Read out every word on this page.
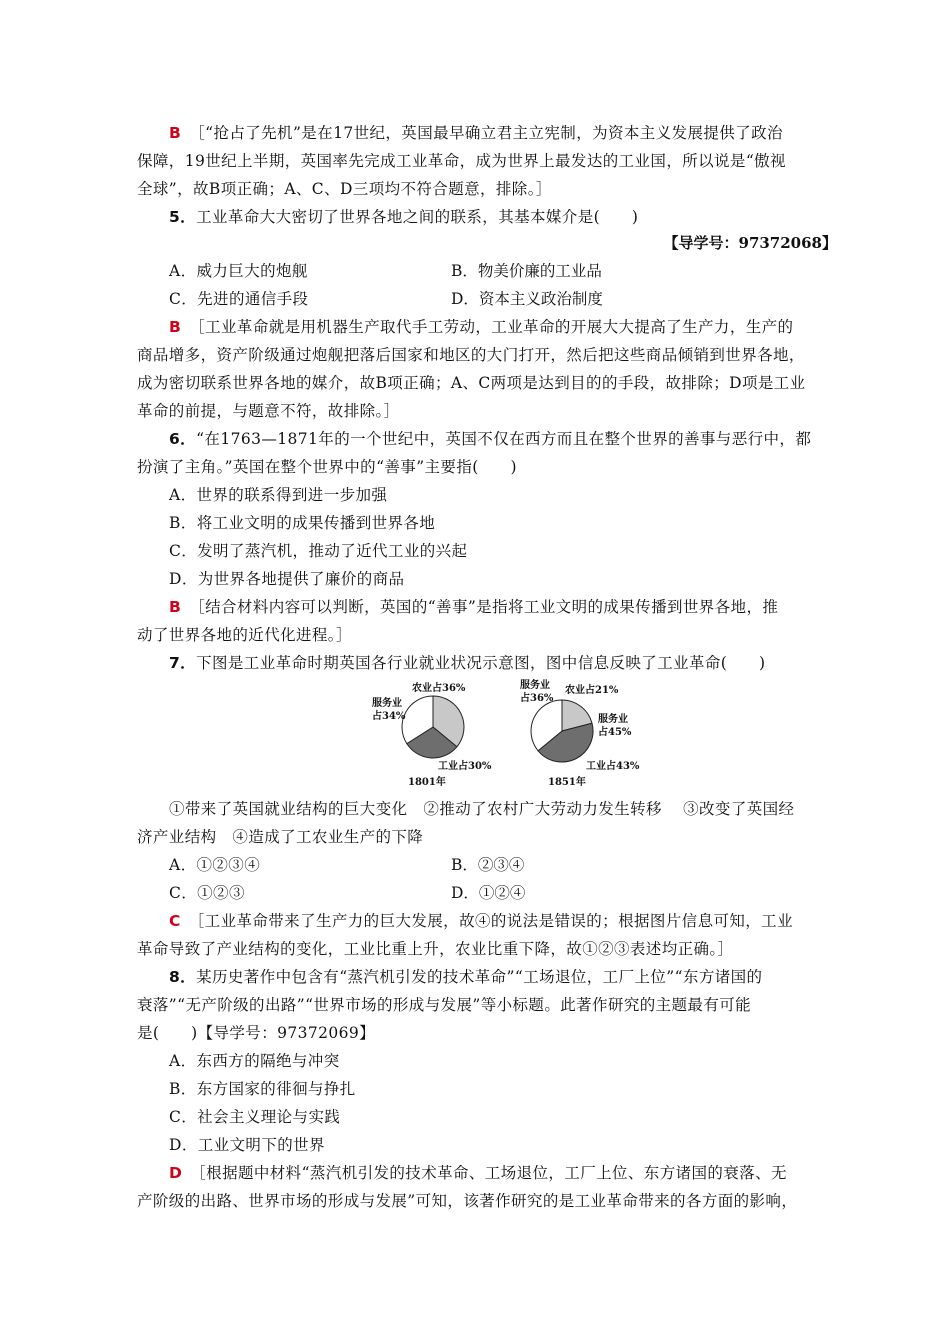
B ［“抢占了先机”是在17世纪，英国最早确立君主立宪制，为资本主义发展提供了政治
保障，19世纪上半期，英国率先完成工业革命，成为世界上最发达的工业国，所以说是“傲视
全球”，故B项正确；A、C、D三项均不符合题意，排除。］
5．工业革命大大密切了世界各地之间的联系，其基本媒介是(　　)
【导学号：97372068】
A．威力巨大的炮舰	B．物美价廉的工业品
C．先进的通信手段	D．资本主义政治制度
B ［工业革命就是用机器生产取代手工劳动，工业革命的开展大大提高了生产力，生产的
商品增多，资产阶级通过炮舰把落后国家和地区的大门打开，然后把这些商品倾销到世界各地，
成为密切联系世界各地的媒介，故B项正确；A、C两项是达到目的的手段，故排除；D项是工业
革命的前提，与题意不符，故排除。］
6．“在1763—1871年的一个世纪中，英国不仅在西方而且在整个世界的善事与恶行中，都
扮演了主角。”英国在整个世界中的“善事”主要指(　　)
A．世界的联系得到进一步加强
B．将工业文明的成果传播到世界各地
C．发明了蒸汽机，推动了近代工业的兴起
D．为世界各地提供了廉价的商品
B ［结合材料内容可以判断，英国的“善事”是指将工业文明的成果传播到世界各地，推
动了世界各地的近代化进程。］
7．下图是工业革命时期英国各行业就业状况示意图，图中信息反映了工业革命(　　)
农业占36%
工业占30%
服务业
占34%
1801年
农业占21%
工业占43%
服务业
占36%
服务业
占45%
1851年
①带来了英国就业结构的巨大变化　②推动了农村广大劳动力发生转移　 ③改变了英国经
济产业结构　④造成了工农业生产的下降
A．①②③④	B．②③④
C．①②③	D．①②④
C ［工业革命带来了生产力的巨大发展，故④的说法是错误的；根据图片信息可知，工业
革命导致了产业结构的变化，工业比重上升，农业比重下降，故①②③表述均正确。］
8．某历史著作中包含有“蒸汽机引发的技术革命”“工场退位，工厂上位”“东方诸国的
衰落”“无产阶级的出路”“世界市场的形成与发展”等小标题。此著作研究的主题最有可能
是(　　)【导学号：97372069】
A．东西方的隔绝与冲突
B．东方国家的徘徊与挣扎
C．社会主义理论与实践
D．工业文明下的世界
D ［根据题中材料“蒸汽机引发的技术革命、工场退位，工厂上位、东方诸国的衰落、无
产阶级的出路、世界市场的形成与发展”可知，该著作研究的是工业革命带来的各方面的影响，
